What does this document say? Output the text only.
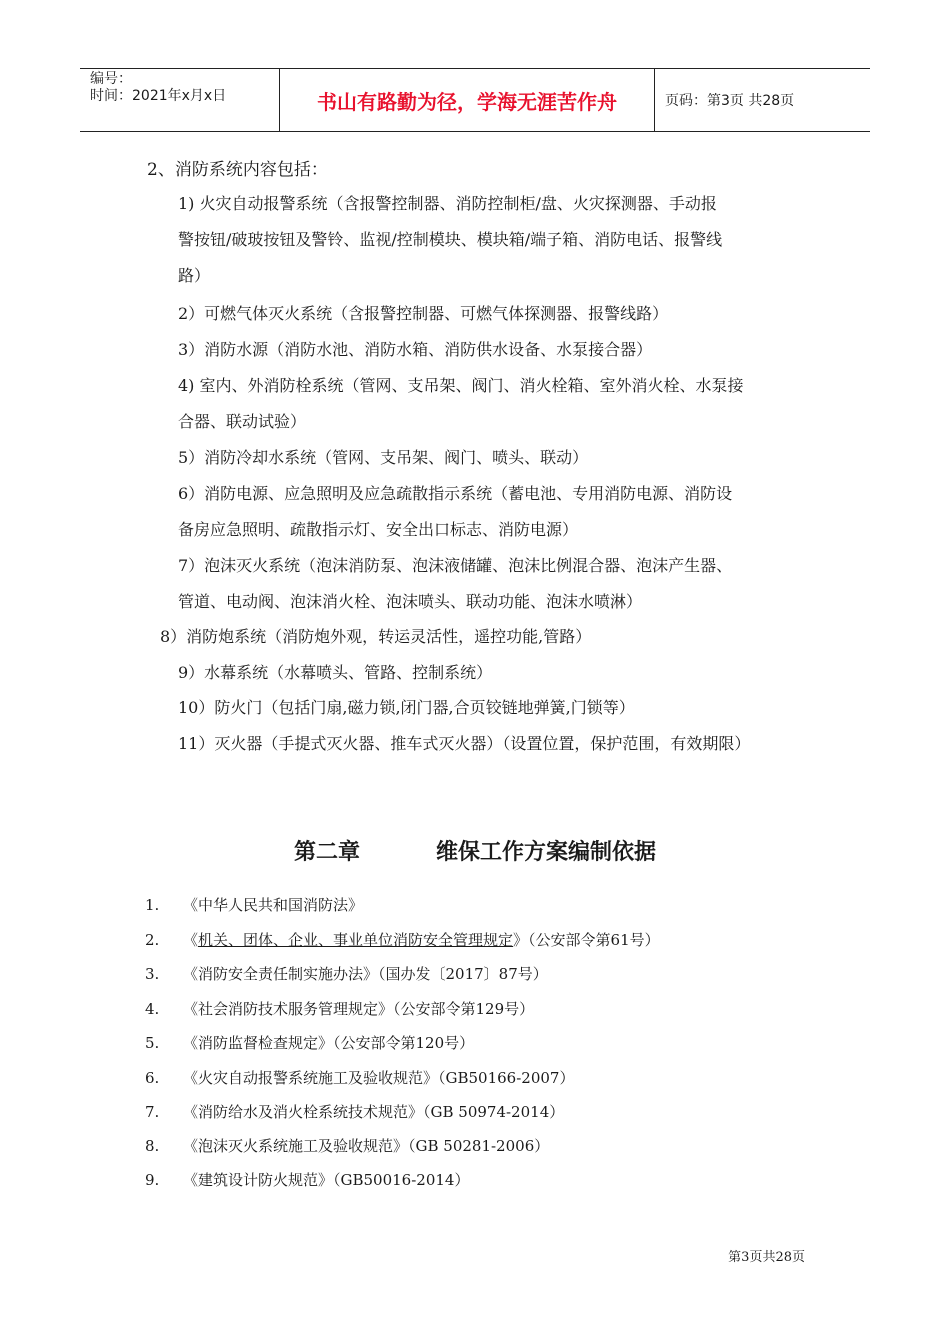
编号：
时间：2021年x月x日	书山有路勤为径，学海无涯苦作舟	页码：第3页 共28页
2、消防系统内容包括：
1) 火灾自动报警系统（含报警控制器、消防控制柜/盘、火灾探测器、手动报
警按钮/破玻按钮及警铃、监视/控制模块、模块箱/端子箱、消防电话、报警线
路）
2）可燃气体灭火系统（含报警控制器、可燃气体探测器、报警线路）
3）消防水源（消防水池、消防水箱、消防供水设备、水泵接合器）
4) 室内、外消防栓系统（管网、支吊架、阀门、消火栓箱、室外消火栓、水泵接
合器、联动试验）
5）消防冷却水系统（管网、支吊架、阀门、喷头、联动）
6）消防电源、应急照明及应急疏散指示系统（蓄电池、专用消防电源、消防设
备房应急照明、疏散指示灯、安全出口标志、消防电源）
7）泡沫灭火系统（泡沫消防泵、泡沫液储罐、泡沫比例混合器、泡沫产生器、
管道、电动阀、泡沫消火栓、泡沫喷头、联动功能、泡沫水喷淋）
8）消防炮系统（消防炮外观，转运灵活性，遥控功能,管路）
9）水幕系统（水幕喷头、管路、控制系统）
10）防火门（包括门扇,磁力锁,闭门器,合页铰链地弹簧,门锁等）
11）灭火器（手提式灭火器、推车式灭火器）（设置位置，保护范围，有效期限）
第二章	维保工作方案编制依据
1. 《中华人民共和国消防法》
2. 《机关、团体、企业、事业单位消防安全管理规定》（公安部令第61号）
3. 《消防安全责任制实施办法》（国办发〔2017〕87号）
4. 《社会消防技术服务管理规定》（公安部令第129号）
5. 《消防监督检查规定》（公安部令第120号）
6. 《火灾自动报警系统施工及验收规范》（GB50166-2007）
7. 《消防给水及消火栓系统技术规范》（GB 50974-2014）
8. 《泡沫灭火系统施工及验收规范》（GB 50281-2006）
9. 《建筑设计防火规范》（GB50016-2014）
第3页共28页
